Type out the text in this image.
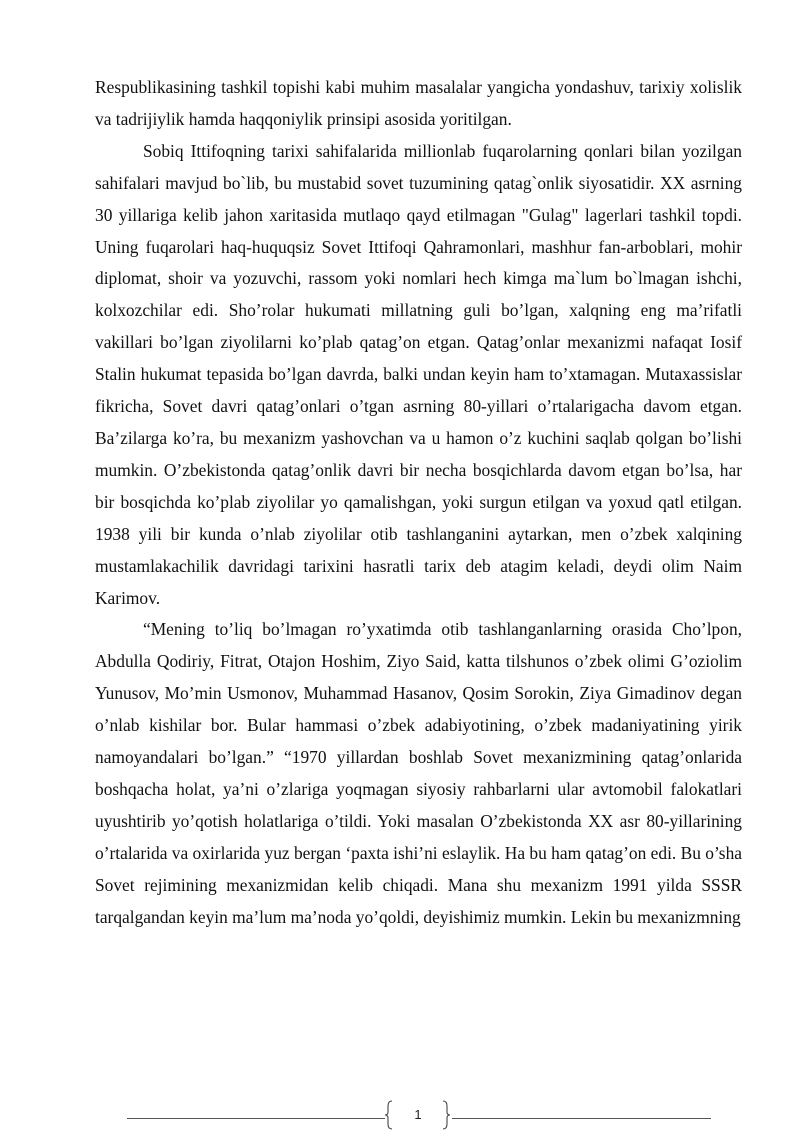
Respublikasining tashkil topishi kabi muhim masalalar yangicha yondashuv, tarixiy xolislik va tadrijiylik hamda haqqoniylik prinsipi asosida yoritilgan.

Sobiq Ittifoqning tarixi sahifalarida millionlab fuqarolarning qonlari bilan yozilgan sahifalari mavjud bo`lib, bu mustabid sovet tuzumining qatag`onlik siyosatidir. XX asrning 30 yillariga kelib jahon xaritasida mutlaqo qayd etilmagan "Gulag" lagerlari tashkil topdi. Uning fuqarolari haq-huquqsiz Sovet Ittifoqi Qahramonlari, mashhur fan-arboblari, mohir diplomat, shoir va yozuvchi, rassom yoki nomlari hech kimga ma`lum bo`lmagan ishchi, kolxozchilar edi. Sho’rolar hukumati millatning guli bo’lgan, xalqning eng ma’rifatli vakillari bo’lgan ziyolilarni ko’plab qatag’on etgan. Qatag’onlar mexanizmi nafaqat Iosif Stalin hukumat tepasida bo’lgan davrda, balki undan keyin ham to’xtamagan. Mutaxassislar fikricha, Sovet davri qatag’onlari o’tgan asrning 80-yillari o’rtalarigacha davom etgan. Ba’zilarga ko’ra, bu mexanizm yashovchan va u hamon o’z kuchini saqlab qolgan bo’lishi mumkin. O’zbekistonda qatag’onlik davri bir necha bosqichlarda davom etgan bo’lsa, har bir bosqichda ko’plab ziyolilar yo qamalishgan, yoki surgun etilgan va yoxud qatl etilgan. 1938 yili bir kunda o’nlab ziyolilar otib tashlanganini aytarkan, men o’zbek xalqining mustamlakachilik davridagi tarixini hasratli tarix deb atagim keladi, deydi olim Naim Karimov.

“Mening to’liq bo’lmagan ro’yxatimda otib tashlanganlarning orasida Cho’lpon, Abdulla Qodiriy, Fitrat, Otajon Hoshim, Ziyo Said, katta tilshunos o’zbek olimi G’oziolim Yunusov, Mo’min Usmonov, Muhammad Hasanov, Qosim Sorokin, Ziya Gimadinov degan o’nlab kishilar bor. Bular hammasi o’zbek adabiyotining, o’zbek madaniyatining yirik namoyandalari bo’lgan.” “1970 yillardan boshlab Sovet mexanizmining qatag’onlarida boshqacha holat, ya’ni o’zlariga yoqmagan siyosiy rahbarlarni ular avtomobil falokatlari uyushtirib yo’qotish holatlariga o’tildi. Yoki masalan O’zbekistonda XX asr 80-yillarining o’rtalarida va oxirlarida yuz bergan ‘paxta ishi’ni eslaylik. Ha bu ham qatag’on edi. Bu o’sha Sovet rejimining mexanizmidan kelib chiqadi. Mana shu mexanizm 1991 yilda SSSR tarqalgandan keyin ma’lum ma’noda yo’qoldi, deyishimiz mumkin. Lekin bu mexanizmning

1
